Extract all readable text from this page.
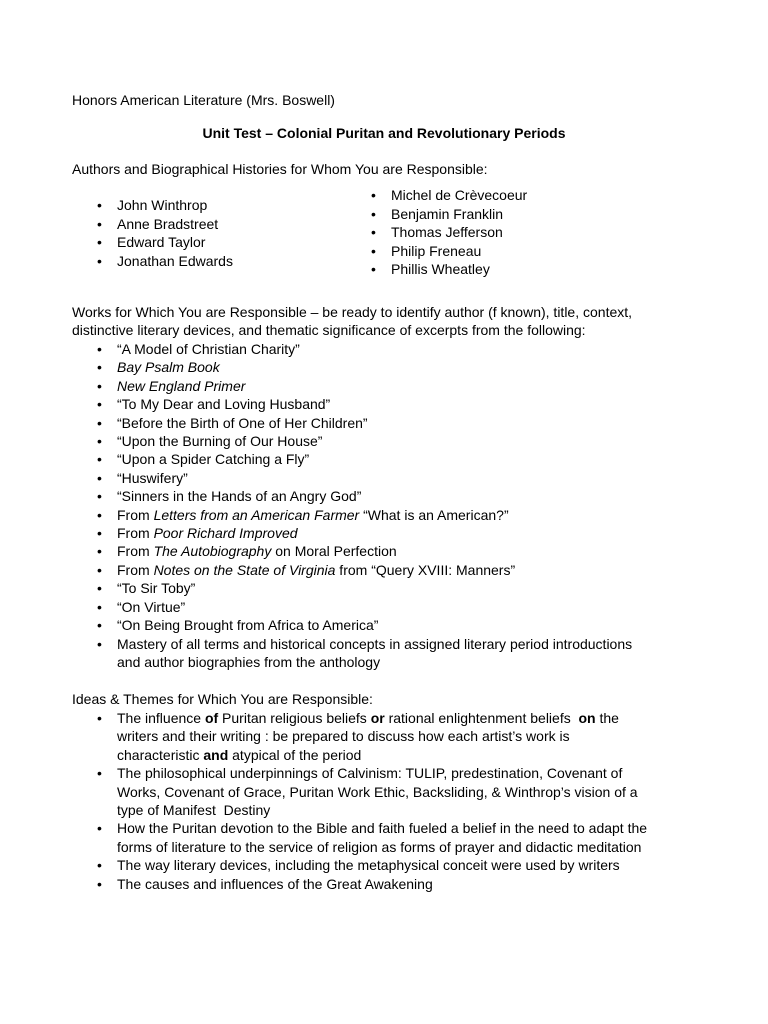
Honors American Literature (Mrs. Boswell)

Unit Test – Colonial Puritan and Revolutionary Periods

Authors and Biographical Histories for Whom You are Responsible:

• John Winthrop
• Anne Bradstreet
• Edward Taylor
• Jonathan Edwards
• Michel de Crèvecoeur
• Benjamin Franklin
• Thomas Jefferson
• Philip Freneau
• Phillis Wheatley

Works for Which You are Responsible – be ready to identify author (f known), title, context,

distinctive literary devices, and thematic significance of excerpts from the following:

• “A Model of Christian Charity”
• Bay Psalm Book
• New England Primer
• “To My Dear and Loving Husband”
• “Before the Birth of One of Her Children”
• “Upon the Burning of Our House”
• “Upon a Spider Catching a Fly”
• “Huswifery”
• “Sinners in the Hands of an Angry God”
• From Letters from an American Farmer “What is an American?”
• From Poor Richard Improved
• From The Autobiography on Moral Perfection
• From Notes on the State of Virginia from “Query XVIII: Manners”
• “To Sir Toby”
• “On Virtue”
• “On Being Brought from Africa to America”
• Mastery of all terms and historical concepts in assigned literary period introductions
and author biographies from the anthology

Ideas & Themes for Which You are Responsible:

• The influence of Puritan religious beliefs or rational enlightenment beliefs  on the
writers and their writing : be prepared to discuss how each artist’s work is
characteristic and atypical of the period
• The philosophical underpinnings of Calvinism: TULIP, predestination, Covenant of
Works, Covenant of Grace, Puritan Work Ethic, Backsliding, & Winthrop’s vision of a
type of Manifest  Destiny
• How the Puritan devotion to the Bible and faith fueled a belief in the need to adapt the
forms of literature to the service of religion as forms of prayer and didactic meditation
• The way literary devices, including the metaphysical conceit were used by writers
• The causes and influences of the Great Awakening
